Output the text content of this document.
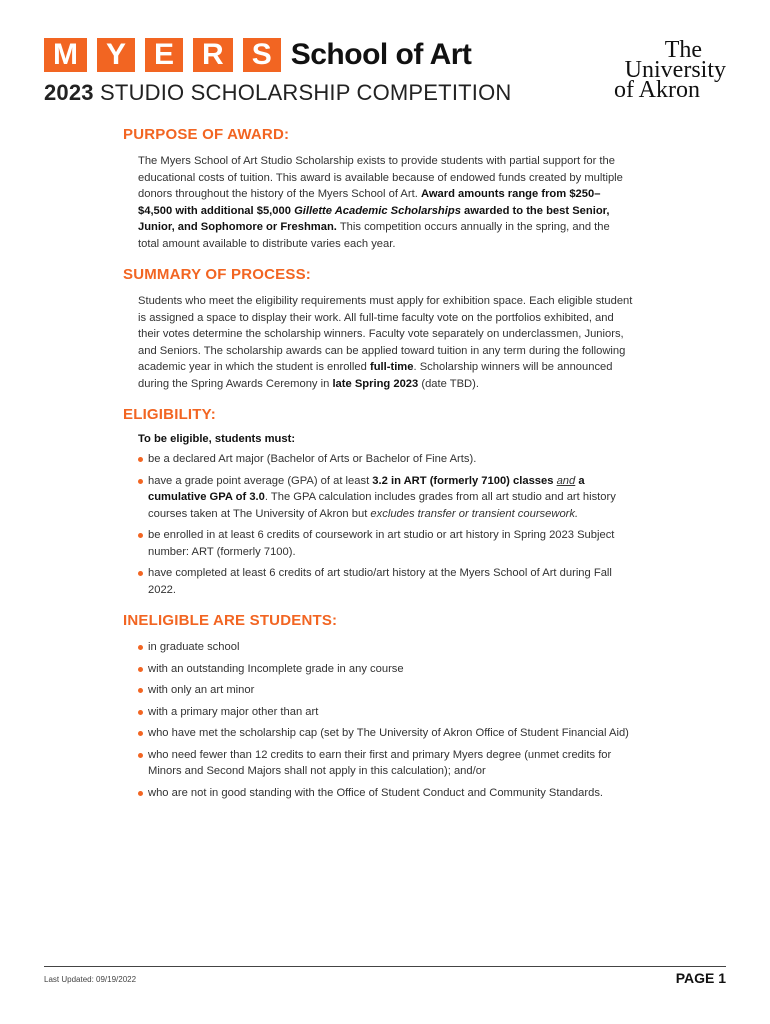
M Y E R S School of Art
2023 STUDIO SCHOLARSHIP COMPETITION
The
University
of Akron
PURPOSE OF AWARD:

The Myers School of Art Studio Scholarship exists to provide students with partial support for the educational costs of tuition. This award is available because of endowed funds created by multiple donors throughout the history of the Myers School of Art. Award amounts range from $250–$4,500 with additional $5,000 Gillette Academic Scholarships awarded to the best Senior, Junior, and Sophomore or Freshman. This competition occurs annually in the spring, and the total amount available to distribute varies each year.

SUMMARY OF PROCESS:

Students who meet the eligibility requirements must apply for exhibition space. Each eligible student is assigned a space to display their work. All full-time faculty vote on the portfolios exhibited, and their votes determine the scholarship winners. Faculty vote separately on underclassmen, Juniors, and Seniors. The scholarship awards can be applied toward tuition in any term during the following academic year in which the student is enrolled full-time. Scholarship winners will be announced during the Spring Awards Ceremony in late Spring 2023 (date TBD).

ELIGIBILITY:
To be eligible, students must:
be a declared Art major (Bachelor of Arts or Bachelor of Fine Arts).
have a grade point average (GPA) of at least 3.2 in ART (formerly 7100) classes and a cumulative GPA of 3.0. The GPA calculation includes grades from all art studio and art history courses taken at The University of Akron but excludes transfer or transient coursework.
be enrolled in at least 6 credits of coursework in art studio or art history in Spring 2023 Subject number: ART (formerly 7100).
have completed at least 6 credits of art studio/art history at the Myers School of Art during Fall 2022.
INELIGIBLE ARE STUDENTS:
in graduate school
with an outstanding Incomplete grade in any course
with only an art minor
with a primary major other than art
who have met the scholarship cap (set by The University of Akron Office of Student Financial Aid)
who need fewer than 12 credits to earn their first and primary Myers degree (unmet credits for Minors and Second Majors shall not apply in this calculation); and/or
who are not in good standing with the Office of Student Conduct and Community Standards.
Last Updated: 09/19/2022	PAGE 1
